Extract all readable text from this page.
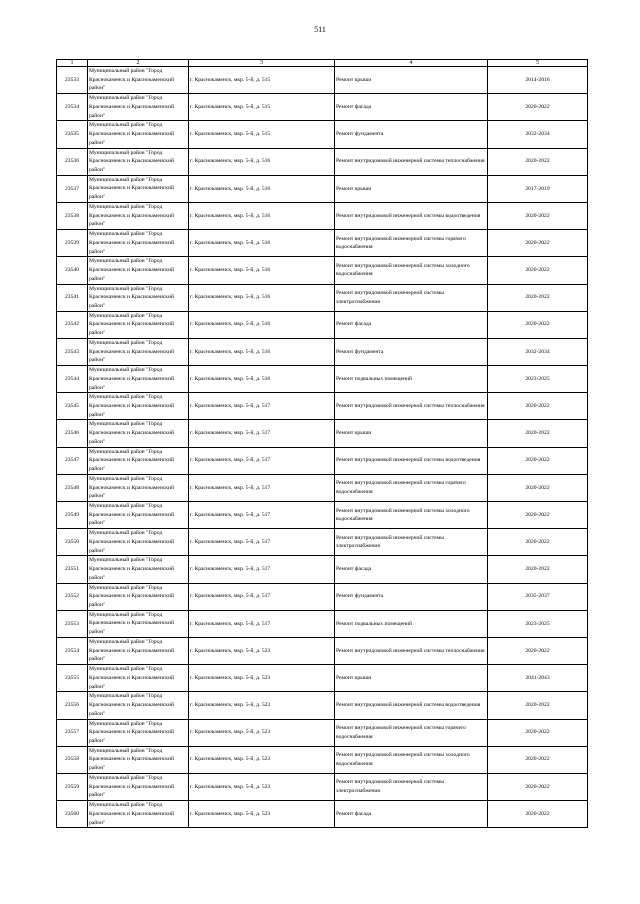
511
1	2	3	4	5
23533	Муниципальный район "Город Краснокаменск и Краснокаменский район"	г. Краснокаменск, мкр. 5-й, д. 515	Ремонт крыши	2014-2016
23534	Муниципальный район "Город Краснокаменск и Краснокаменский район"	г. Краснокаменск, мкр. 5-й, д. 515	Ремонт фасада	2020-2022
23535	Муниципальный район "Город Краснокаменск и Краснокаменский район"	г. Краснокаменск, мкр. 5-й, д. 515	Ремонт фундамента	2032-2034
23536	Муниципальный район "Город Краснокаменск и Краснокаменский район"	г. Краснокаменск, мкр. 5-й, д. 516	Ремонт внутридомовой инженерной системы теплоснабжения	2020-2022
23537	Муниципальный район "Город Краснокаменск и Краснокаменский район"	г. Краснокаменск, мкр. 5-й, д. 516	Ремонт крыши	2017-2019
23538	Муниципальный район "Город Краснокаменск и Краснокаменский район"	г. Краснокаменск, мкр. 5-й, д. 516	Ремонт внутридомовой инженерной системы водоотведения	2020-2022
23539	Муниципальный район "Город Краснокаменск и Краснокаменский район"	г. Краснокаменск, мкр. 5-й, д. 516	Ремонт внутридомовой инженерной системы горячего водоснабжения	2020-2022
23540	Муниципальный район "Город Краснокаменск и Краснокаменский район"	г. Краснокаменск, мкр. 5-й, д. 516	Ремонт внутридомовой инженерной системы холодного водоснабжения	2020-2022
23541	Муниципальный район "Город Краснокаменск и Краснокаменский район"	г. Краснокаменск, мкр. 5-й, д. 516	Ремонт внутридомовой инженерной системы электроснабжения	2020-2022
23542	Муниципальный район "Город Краснокаменск и Краснокаменский район"	г. Краснокаменск, мкр. 5-й, д. 516	Ремонт фасада	2020-2022
23543	Муниципальный район "Город Краснокаменск и Краснокаменский район"	г. Краснокаменск, мкр. 5-й, д. 516	Ремонт фундамента	2032-2034
23544	Муниципальный район "Город Краснокаменск и Краснокаменский район"	г. Краснокаменск, мкр. 5-й, д. 516	Ремонт подвальных помещений	2023-2025
23545	Муниципальный район "Город Краснокаменск и Краснокаменский район"	г. Краснокаменск, мкр. 5-й, д. 517	Ремонт внутридомовой инженерной системы теплоснабжения	2020-2022
23546	Муниципальный район "Город Краснокаменск и Краснокаменский район"	г. Краснокаменск, мкр. 5-й, д. 517	Ремонт крыши	2020-2022
23547	Муниципальный район "Город Краснокаменск и Краснокаменский район"	г. Краснокаменск, мкр. 5-й, д. 517	Ремонт внутридомовой инженерной системы водоотведения	2020-2022
23548	Муниципальный район "Город Краснокаменск и Краснокаменский район"	г. Краснокаменск, мкр. 5-й, д. 517	Ремонт внутридомовой инженерной системы горячего водоснабжения	2020-2022
23549	Муниципальный район "Город Краснокаменск и Краснокаменский район"	г. Краснокаменск, мкр. 5-й, д. 517	Ремонт внутридомовой инженерной системы холодного водоснабжения	2020-2022
23550	Муниципальный район "Город Краснокаменск и Краснокаменский район"	г. Краснокаменск, мкр. 5-й, д. 517	Ремонт внутридомовой инженерной системы электроснабжения	2020-2022
23551	Муниципальный район "Город Краснокаменск и Краснокаменский район"	г. Краснокаменск, мкр. 5-й, д. 517	Ремонт фасада	2020-2022
23552	Муниципальный район "Город Краснокаменск и Краснокаменский район"	г. Краснокаменск, мкр. 5-й, д. 517	Ремонт фундамента	2035-2037
23553	Муниципальный район "Город Краснокаменск и Краснокаменский район"	г. Краснокаменск, мкр. 5-й, д. 517	Ремонт подвальных помещений	2023-2025
23554	Муниципальный район "Город Краснокаменск и Краснокаменский район"	г. Краснокаменск, мкр. 5-й, д. 523	Ремонт внутридомовой инженерной системы теплоснабжения	2020-2022
23555	Муниципальный район "Город Краснокаменск и Краснокаменский район"	г. Краснокаменск, мкр. 5-й, д. 523	Ремонт крыши	2041-2043
23556	Муниципальный район "Город Краснокаменск и Краснокаменский район"	г. Краснокаменск, мкр. 5-й, д. 523	Ремонт внутридомовой инженерной системы водоотведения	2020-2022
23557	Муниципальный район "Город Краснокаменск и Краснокаменский район"	г. Краснокаменск, мкр. 5-й, д. 523	Ремонт внутридомовой инженерной системы горячего водоснабжения	2020-2022
23558	Муниципальный район "Город Краснокаменск и Краснокаменский район"	г. Краснокаменск, мкр. 5-й, д. 523	Ремонт внутридомовой инженерной системы холодного водоснабжения	2020-2022
23559	Муниципальный район "Город Краснокаменск и Краснокаменский район"	г. Краснокаменск, мкр. 5-й, д. 523	Ремонт внутридомовой инженерной системы электроснабжения	2020-2022
23560	Муниципальный район "Город Краснокаменск и Краснокаменский район"	г. Краснокаменск, мкр. 5-й, д. 523	Ремонт фасада	2020-2022
